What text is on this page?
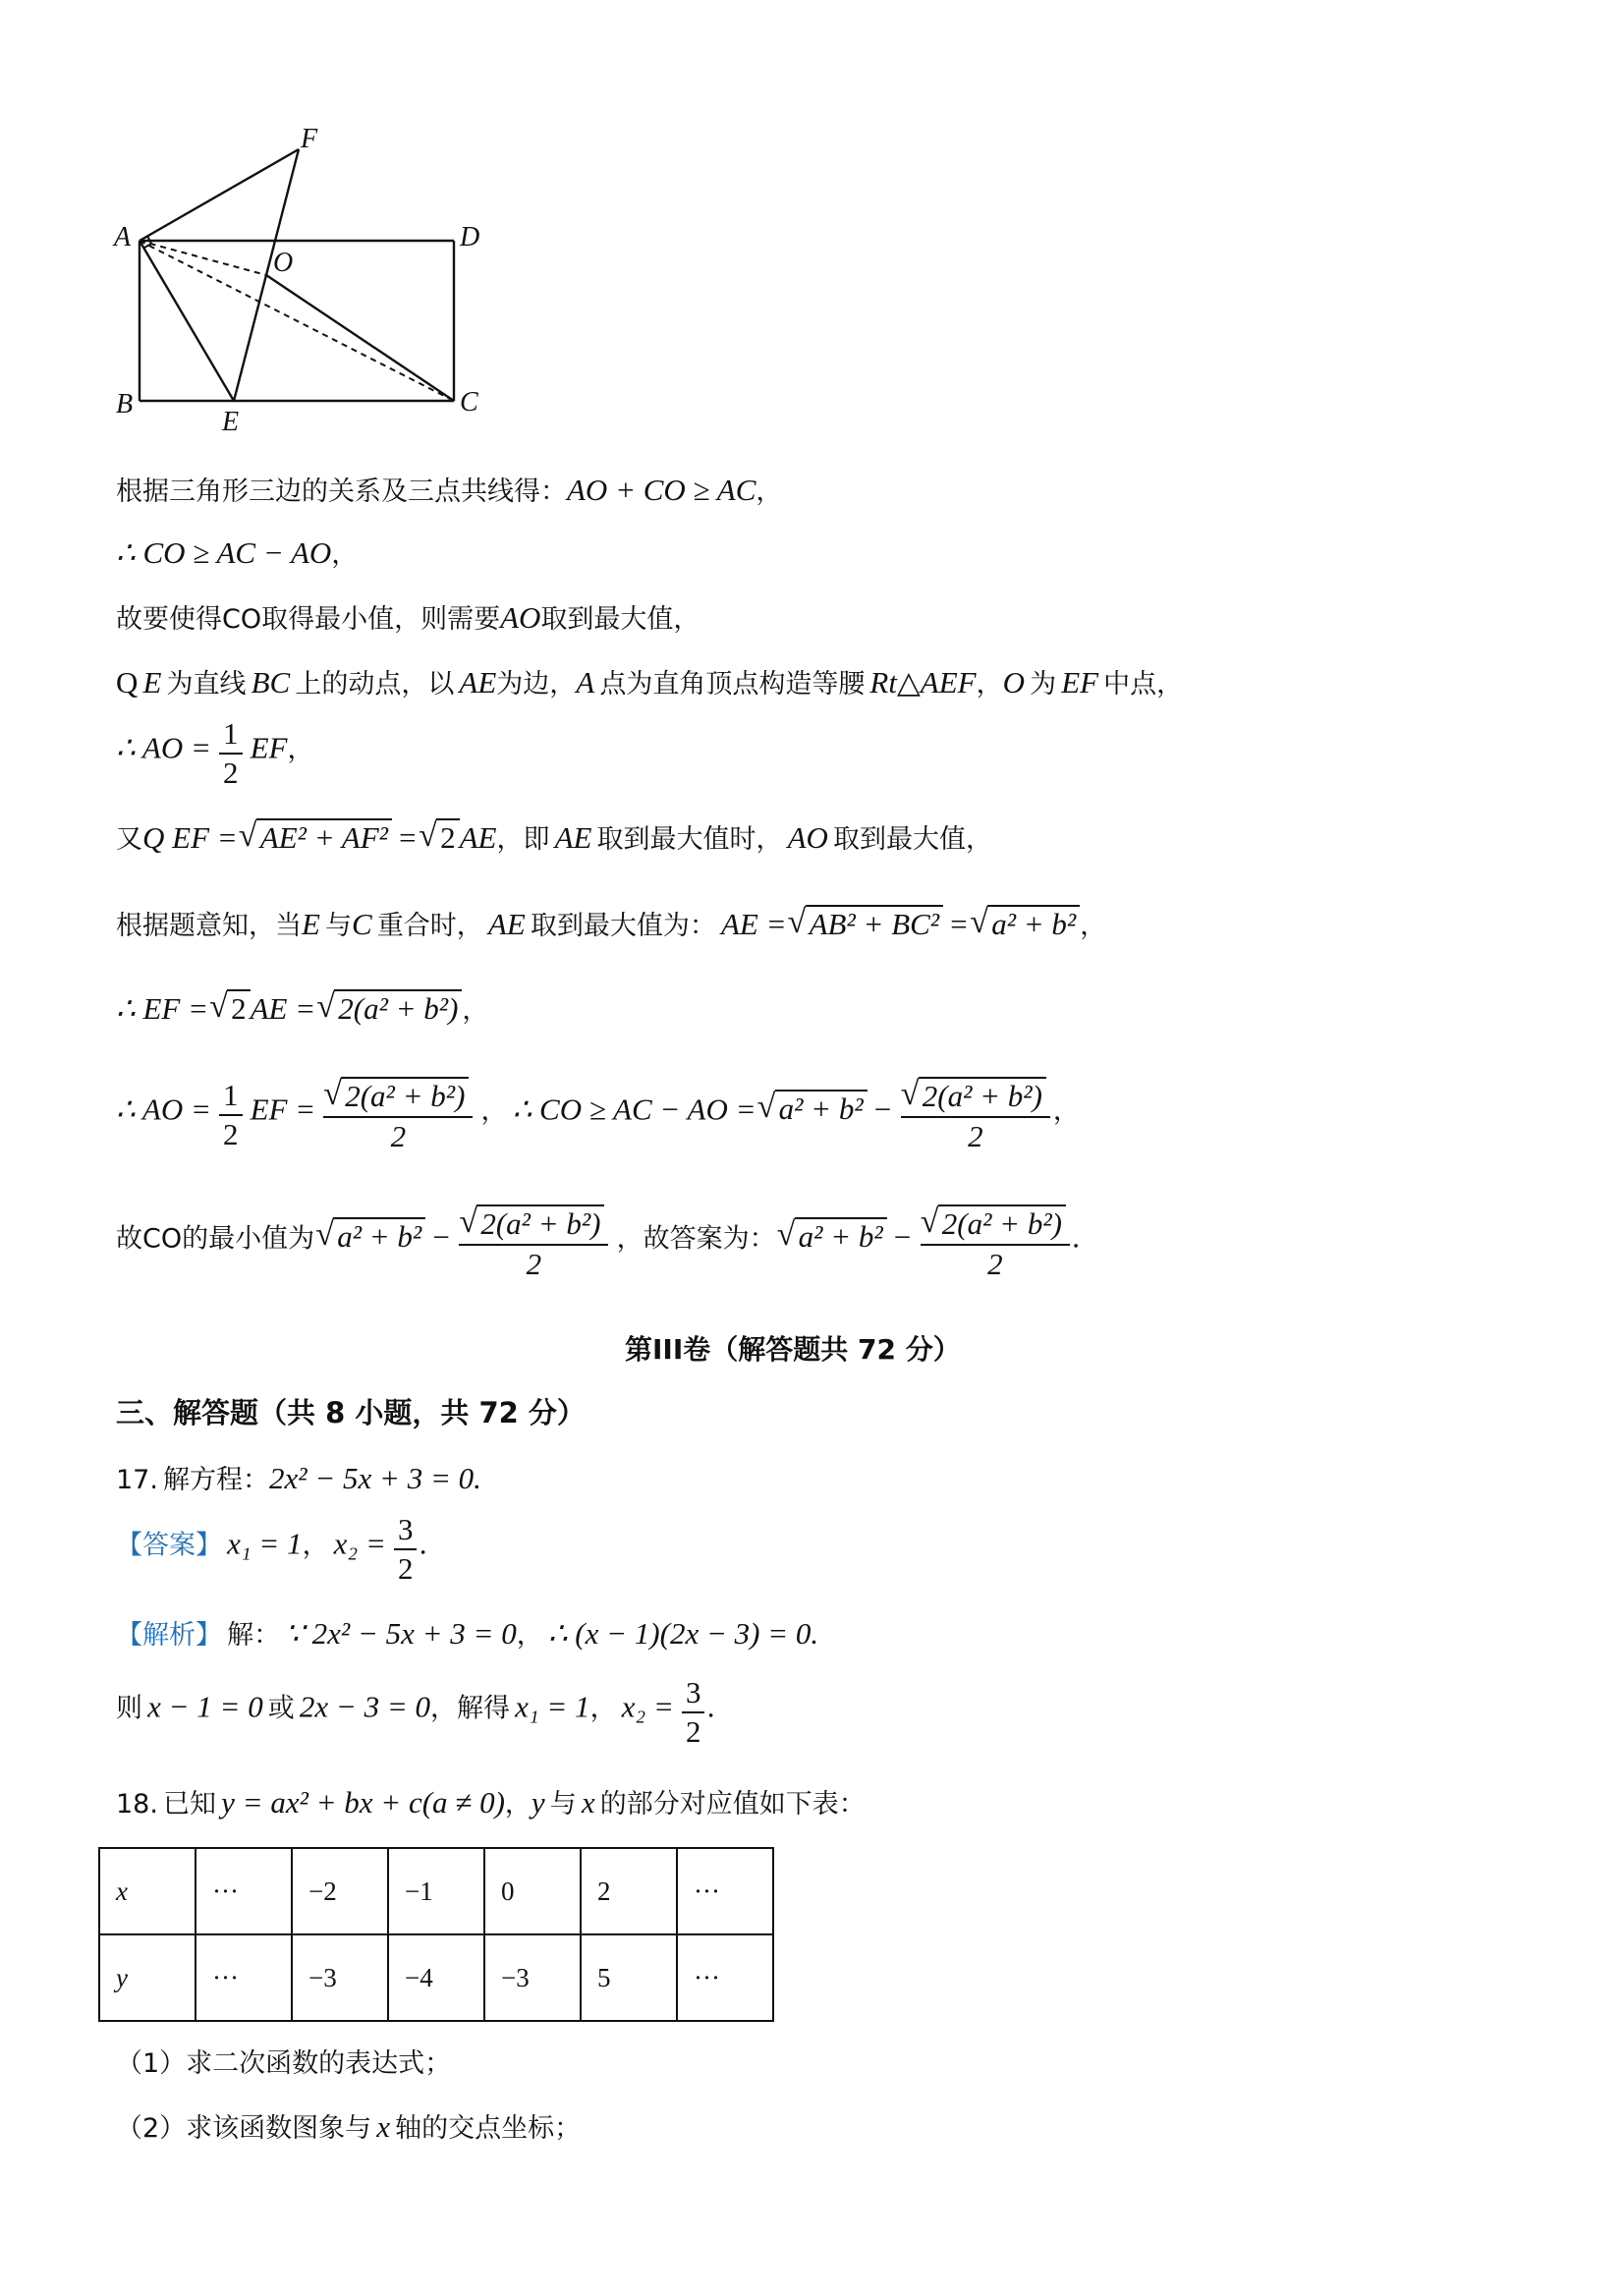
A
B	C
D
E
F
O
根据三角形三边的关系及三点共线得：AO + CO ≥ AC，
∴ CO ≥ AC − AO，
故要使得CO取得最小值，则需要AO取到最大值，
Q E 为直线 BC 上的动点，以 AE为边，A 点为直角顶点构造等腰 Rt△AEF，O 为 EF 中点，
∴ AO = $\frac{1}{2}$ EF，
又Q EF = √ AE² + AF² = √ 2 AE，即 AE 取到最大值时， AO 取到最大值，
根据题意知，当E 与C 重合时， AE 取到最大值为： AE = √ AB² + BC² = √ a² + b² ，
∴ EF = √ 2 AE = √ 2(a² + b²) ，
∴ AO = $\frac{1}{2}$ EF = √ $\frac{\text{2(a² + b²)}}{2}$ ， ∴ CO ≥ AC − AO = √ a² + b² − √ $\frac{\text{2(a² + b²)}}{2}$ ，
故CO的最小值为 √ a² + b² − √ $\frac{\text{2(a² + b²)}}{2}$ ，故答案为： √ a² + b² − √ $\frac{\text{2(a² + b²)}}{2}$ .
第III卷（解答题共 72 分）
三、解答题（共 8 小题，共 72 分）
17. 解方程：2x² − 5x + 3 = 0.
【答案】 x₁ = 1， $x_2 = \frac{3}{2}$ .
【解析】 解： ∵ 2x² − 5x + 3 = 0， ∴ (x − 1)(2x − 3) = 0.
则 x − 1 = 0 或 2x − 3 = 0，解得 x₁ = 1， $x_2 = \frac{3}{2}$ .
18. 已知 y = ax² + bx + c(a ≠ 0)，y 与 x 的部分对应值如下表：
x	···	−2	−1	0	2	···
y	···	−3	−4	−3	5	···
（1）求二次函数的表达式；
（2）求该函数图象与 x 轴的交点坐标；
